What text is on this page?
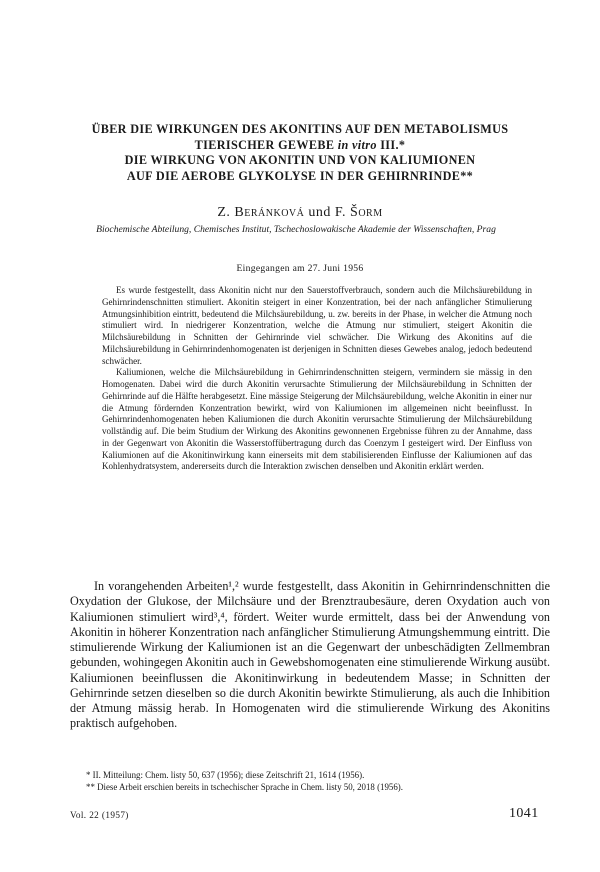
ÜBER DIE WIRKUNGEN DES AKONITINS AUF DEN METABOLISMUS
TIERISCHER GEWEBE in vitro III.*
DIE WIRKUNG VON AKONITIN UND VON KALIUMIONEN
AUF DIE AEROBE GLYKOLYSE IN DER GEHIRNRINDE**
Z. Beránková und F. Šorm
Biochemische Abteilung, Chemisches Institut, Tschechoslowakische Akademie der Wissenschaften, Prag
Eingegangen am 27. Juni 1956

Es wurde festgestellt, dass Akonitin nicht nur den Sauerstoffverbrauch, sondern auch die Milchsäurebildung in Gehirnrindenschnitten stimuliert. Akonitin steigert in einer Konzentration, bei der nach anfänglicher Stimulierung Atmungsinhibition eintritt, bedeutend die Milchsäurebildung, u. zw. bereits in der Phase, in welcher die Atmung noch stimuliert wird. In niedrigerer Konzentration, welche die Atmung nur stimuliert, steigert Akonitin die Milchsäurebildung in Schnitten der Gehirnrinde viel schwächer. Die Wirkung des Akonitins auf die Milchsäurebildung in Gehirnrindenhomogenaten ist derjenigen in Schnitten dieses Gewebes analog, jedoch bedeutend schwächer.

Kaliumionen, welche die Milchsäurebildung in Gehirnrindenschnitten steigern, vermindern sie mässig in den Homogenaten. Dabei wird die durch Akonitin verursachte Stimulierung der Milchsäurebildung in Schnitten der Gehirnrinde auf die Hälfte herabgesetzt. Eine mässige Steigerung der Milchsäurebildung, welche Akonitin in einer nur die Atmung fördernden Konzentration bewirkt, wird von Kaliumionen im allgemeinen nicht beeinflusst. In Gehirnrindenhomogenaten heben Kaliumionen die durch Akonitin verursachte Stimulierung der Milchsäurebildung vollständig auf. Die beim Studium der Wirkung des Akonitins gewonnenen Ergebnisse führen zu der Annahme, dass in der Gegenwart von Akonitin die Wasserstoffübertragung durch das Coenzym I gesteigert wird. Der Einfluss von Kaliumionen auf die Akonitinwirkung kann einerseits mit dem stabilisierenden Einflusse der Kaliumionen auf das Kohlenhydratsystem, andererseits durch die Interaktion zwischen denselben und Akonitin erklärt werden.

In vorangehenden Arbeiten¹,² wurde festgestellt, dass Akonitin in Gehirnrindenschnitten die Oxydation der Glukose, der Milchsäure und der Brenztraubesäure, deren Oxydation auch von Kaliumionen stimuliert wird³,⁴, fördert. Weiter wurde ermittelt, dass bei der Anwendung von Akonitin in höherer Konzentration nach anfänglicher Stimulierung Atmungshemmung eintritt. Die stimulierende Wirkung der Kaliumionen ist an die Gegenwart der unbeschädigten Zellmembran gebunden, wohingegen Akonitin auch in Gewebshomogenaten eine stimulierende Wirkung ausübt. Kaliumionen beeinflussen die Akonitinwirkung in bedeutendem Masse; in Schnitten der Gehirnrinde setzen dieselben so die durch Akonitin bewirkte Stimulierung, als auch die Inhibition der Atmung mässig herab. In Homogenaten wird die stimulierende Wirkung des Akonitins praktisch aufgehoben.

* II. Mitteilung: Chem. listy 50, 637 (1956); diese Zeitschrift 21, 1614 (1956).
** Diese Arbeit erschien bereits in tschechischer Sprache in Chem. listy 50, 2018 (1956).
Vol. 22 (1957)	1041
